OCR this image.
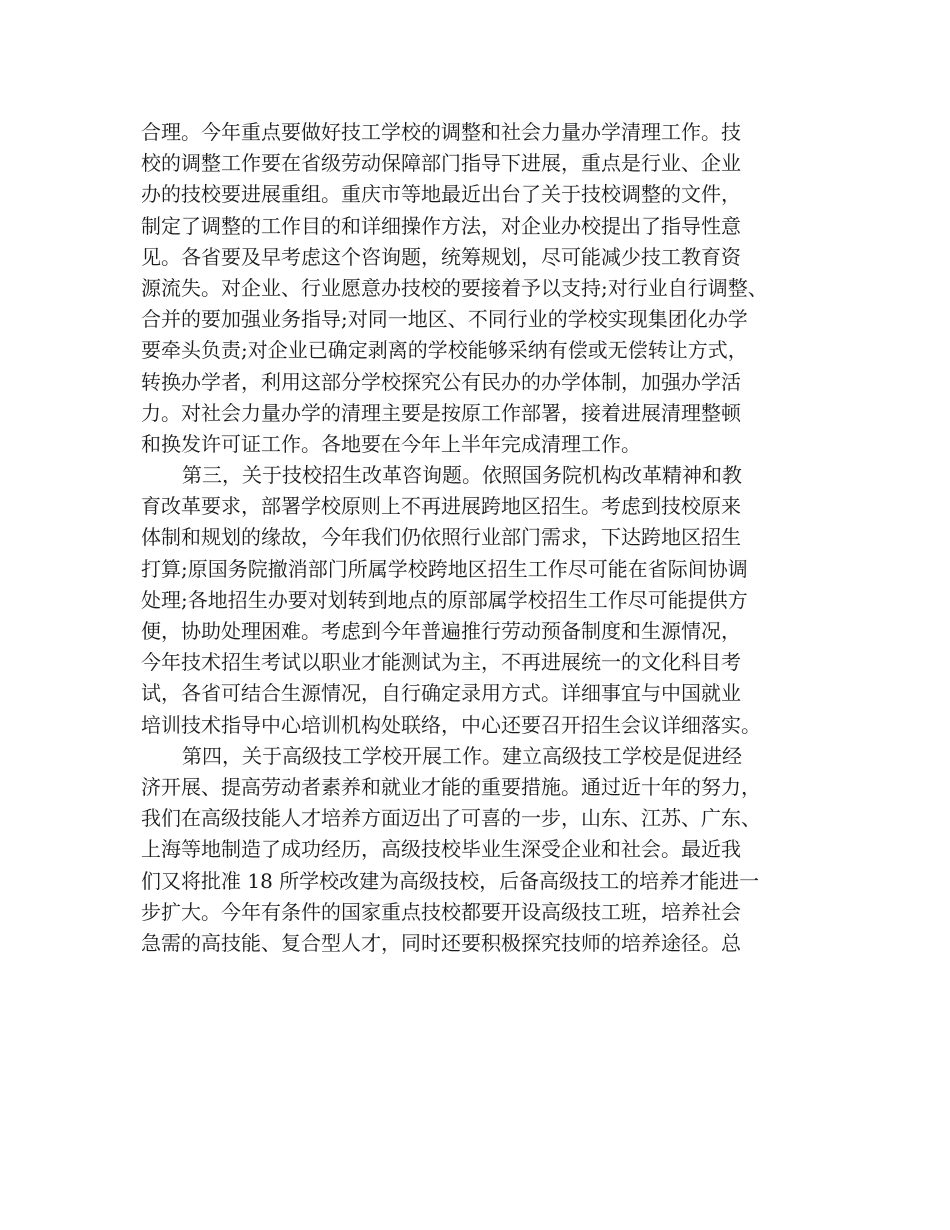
合理。今年重点要做好技工学校的调整和社会力量办学清理工作。技
校的调整工作要在省级劳动保障部门指导下进展，重点是行业、企业
办的技校要进展重组。重庆市等地最近出台了关于技校调整的文件，
制定了调整的工作目的和详细操作方法，对企业办校提出了指导性意
见。各省要及早考虑这个咨询题，统筹规划，尽可能减少技工教育资
源流失。对企业、行业愿意办技校的要接着予以支持;对行业自行调整、
合并的要加强业务指导;对同一地区、不同行业的学校实现集团化办学
要牵头负责;对企业已确定剥离的学校能够采纳有偿或无偿转让方式，
转换办学者，利用这部分学校探究公有民办的办学体制，加强办学活
力。对社会力量办学的清理主要是按原工作部署，接着进展清理整顿
和换发许可证工作。各地要在今年上半年完成清理工作。
第三，关于技校招生改革咨询题。依照国务院机构改革精神和教
育改革要求，部署学校原则上不再进展跨地区招生。考虑到技校原来
体制和规划的缘故，今年我们仍依照行业部门需求，下达跨地区招生
打算;原国务院撤消部门所属学校跨地区招生工作尽可能在省际间协调
处理;各地招生办要对划转到地点的原部属学校招生工作尽可能提供方
便，协助处理困难。考虑到今年普遍推行劳动预备制度和生源情况，
今年技术招生考试以职业才能测试为主，不再进展统一的文化科目考
试，各省可结合生源情况，自行确定录用方式。详细事宜与中国就业
培训技术指导中心培训机构处联络，中心还要召开招生会议详细落实。
第四，关于高级技工学校开展工作。建立高级技工学校是促进经
济开展、提高劳动者素养和就业才能的重要措施。通过近十年的努力，
我们在高级技能人才培养方面迈出了可喜的一步，山东、江苏、广东、
上海等地制造了成功经历，高级技校毕业生深受企业和社会。最近我
们又将批准 18 所学校改建为高级技校，后备高级技工的培养才能进一
步扩大。今年有条件的国家重点技校都要开设高级技工班，培养社会
急需的高技能、复合型人才，同时还要积极探究技师的培养途径。总
